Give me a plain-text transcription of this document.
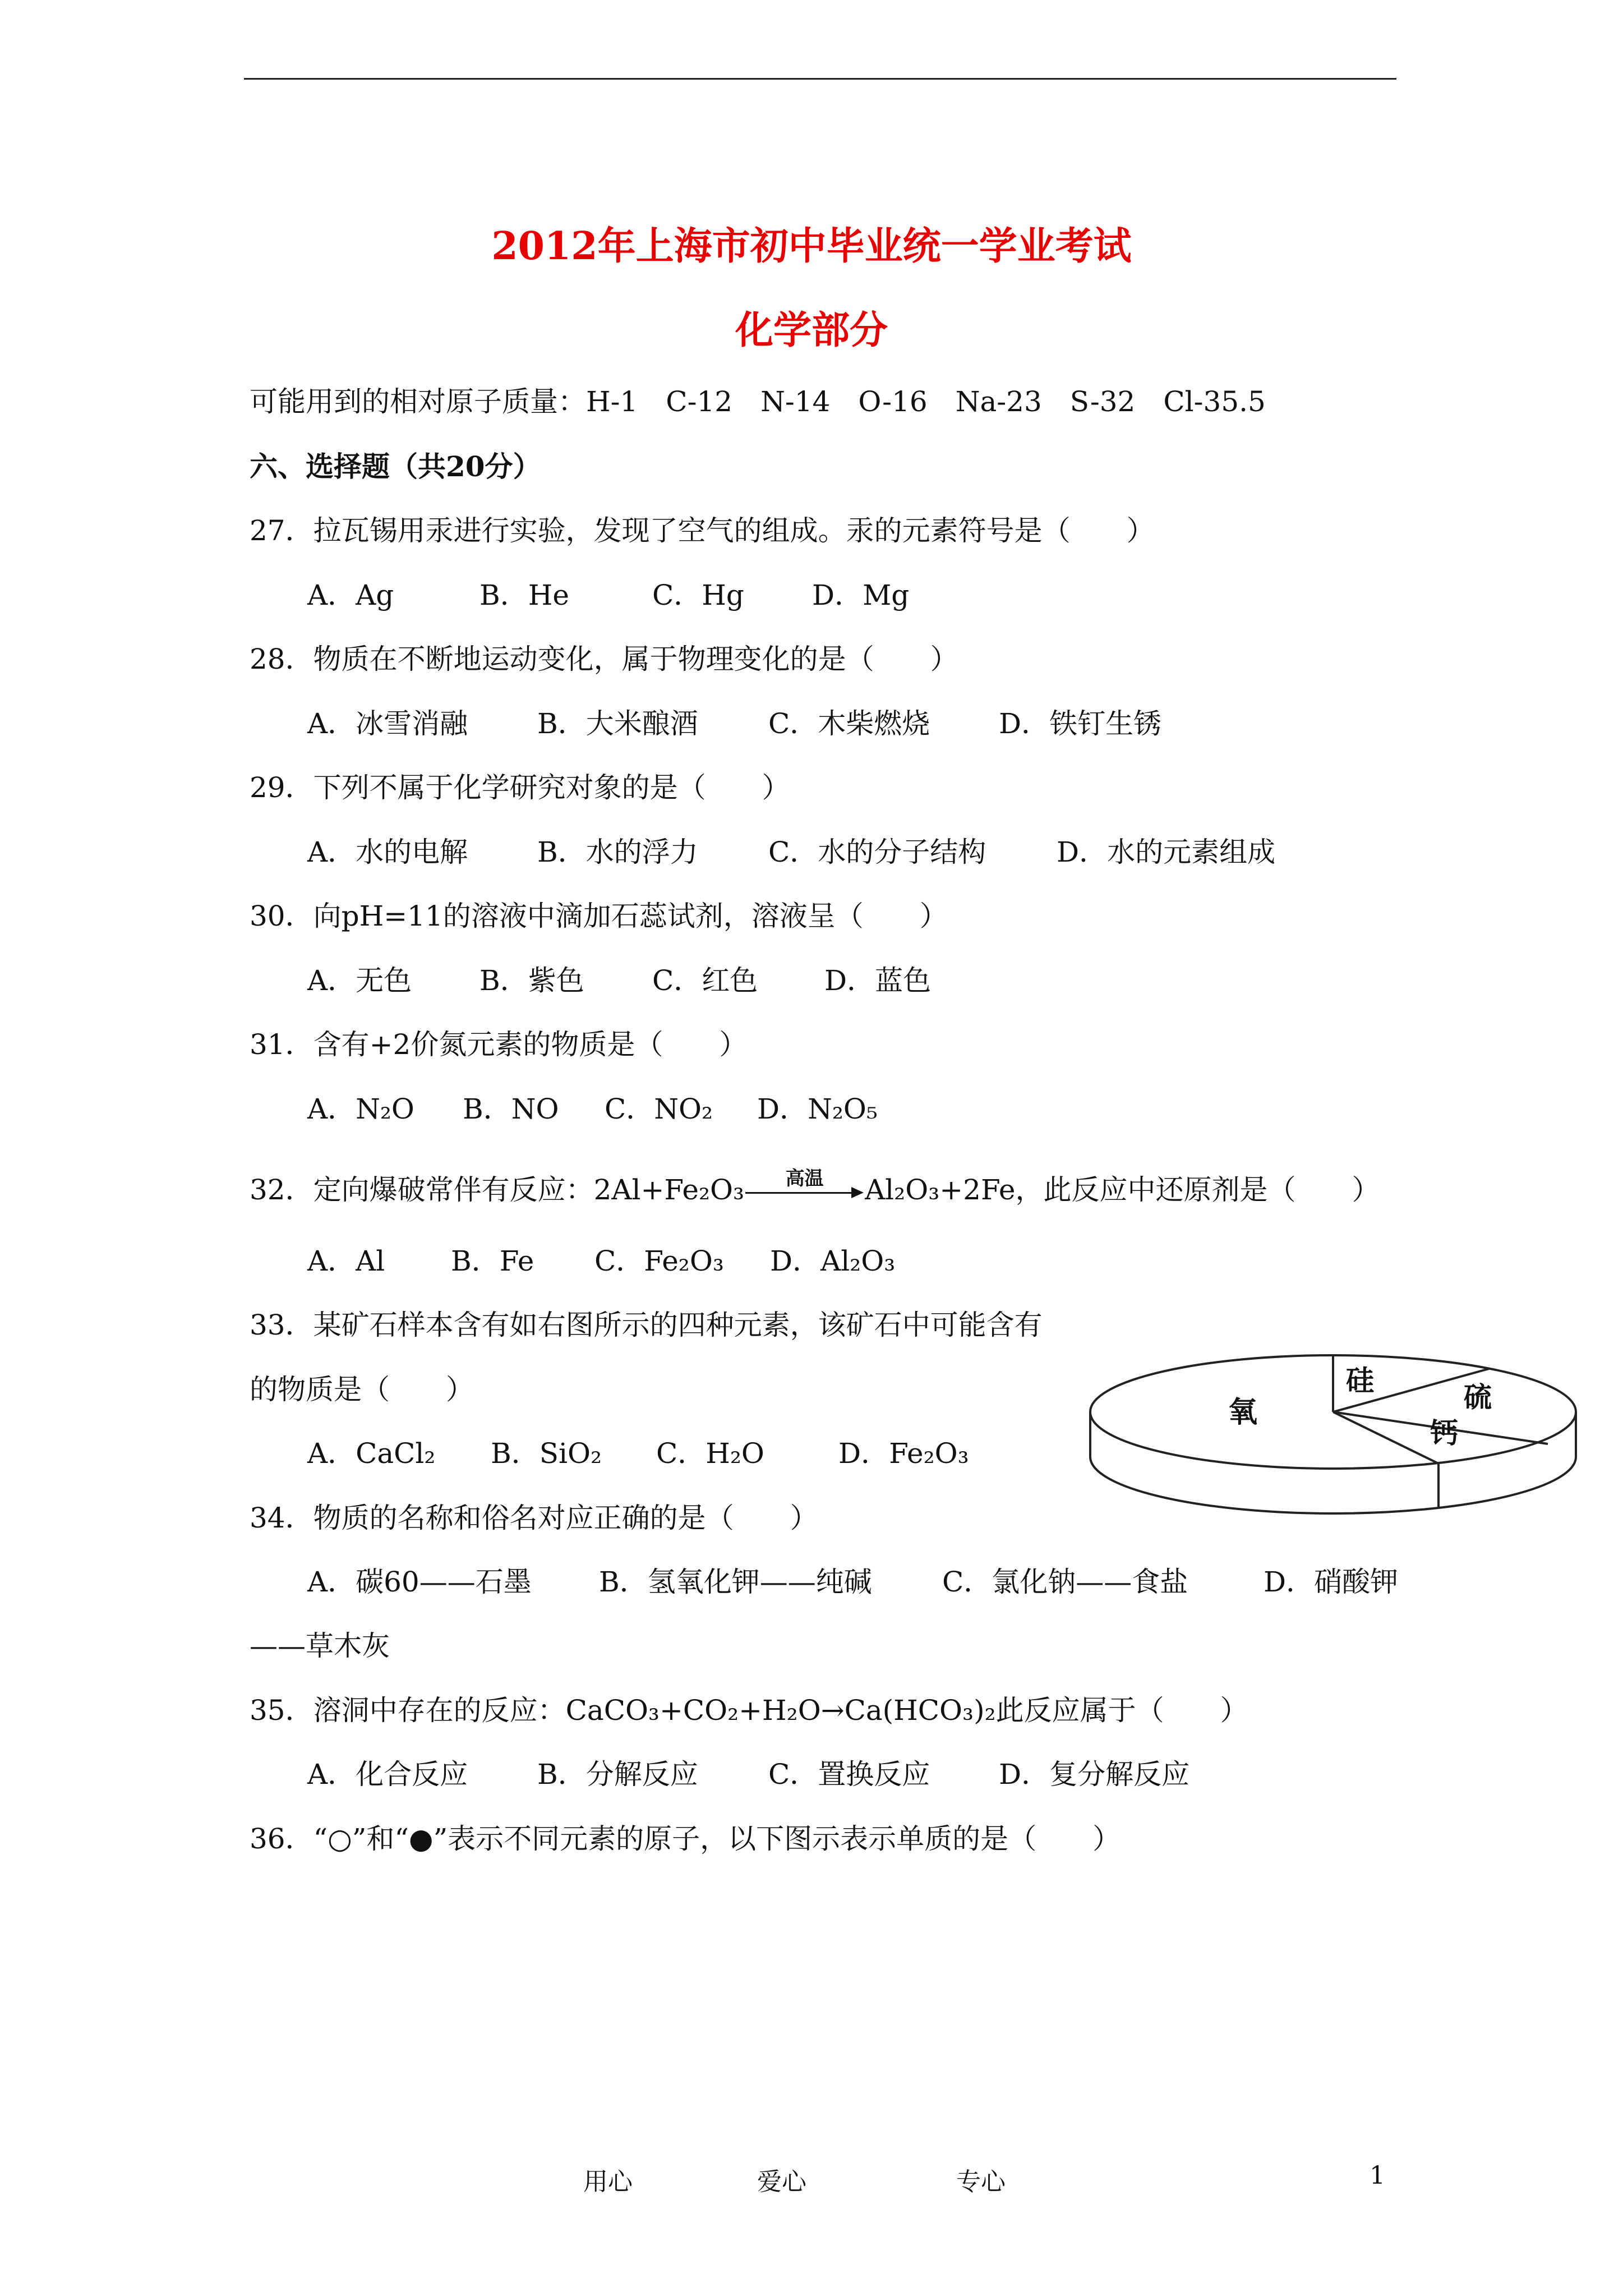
2012年上海市初中毕业统一学业考试
化学部分
可能用到的相对原子质量：H-1　C-12　N-14　O-16　Na-23　S-32　Cl-35.5
六、选择题（共20分）
27．拉瓦锡用汞进行实验，发现了空气的组成。汞的元素符号是（　　）
A．Ag	B．He	C．Hg D．Mg
28．物质在不断地运动变化，属于物理变化的是（　　）
A．冰雪消融 B．大米酿酒	C．木柴燃烧 D．铁钉生锈
29．下列不属于化学研究对象的是（　　）
A．水的电解 B．水的浮力	C．水的分子结构	D．水的元素组成
30．向pH=11的溶液中滴加石蕊试剂，溶液呈（　　）
A．无色 B．紫色 C．红色 D．蓝色
31．含有+2价氮元素的物质是（　　）
A．N₂O B．NO C．NO₂ D．N₂O₅
32．定向爆破常伴有反应：2Al+Fe₂O₃	高温	Al₂O₃+2Fe，此反应中还原剂是（　　）
A．Al B．Fe C．Fe₂O₃ D．Al₂O₃
33．某矿石样本含有如右图所示的四种元素，该矿石中可能含有
的物质是（　　）
A．CaCl₂ B．SiO₂ C．H₂O	D．Fe₂O₃
氧
硅
硫
钙
34．物质的名称和俗名对应正确的是（　　）
A．碳60——石墨 B．氢氧化钾——纯碱	C．氯化钠——食盐	D．硝酸钾
——草木灰
35．溶洞中存在的反应：CaCO₃+CO₂+H₂O→Ca(HCO₃)₂此反应属于（　　）
A．化合反应 B．分解反应	C．置换反应 D．复分解反应
36．“○”和“●”表示不同元素的原子，以下图示表示单质的是（　　）
用心	爱心	专心	1
